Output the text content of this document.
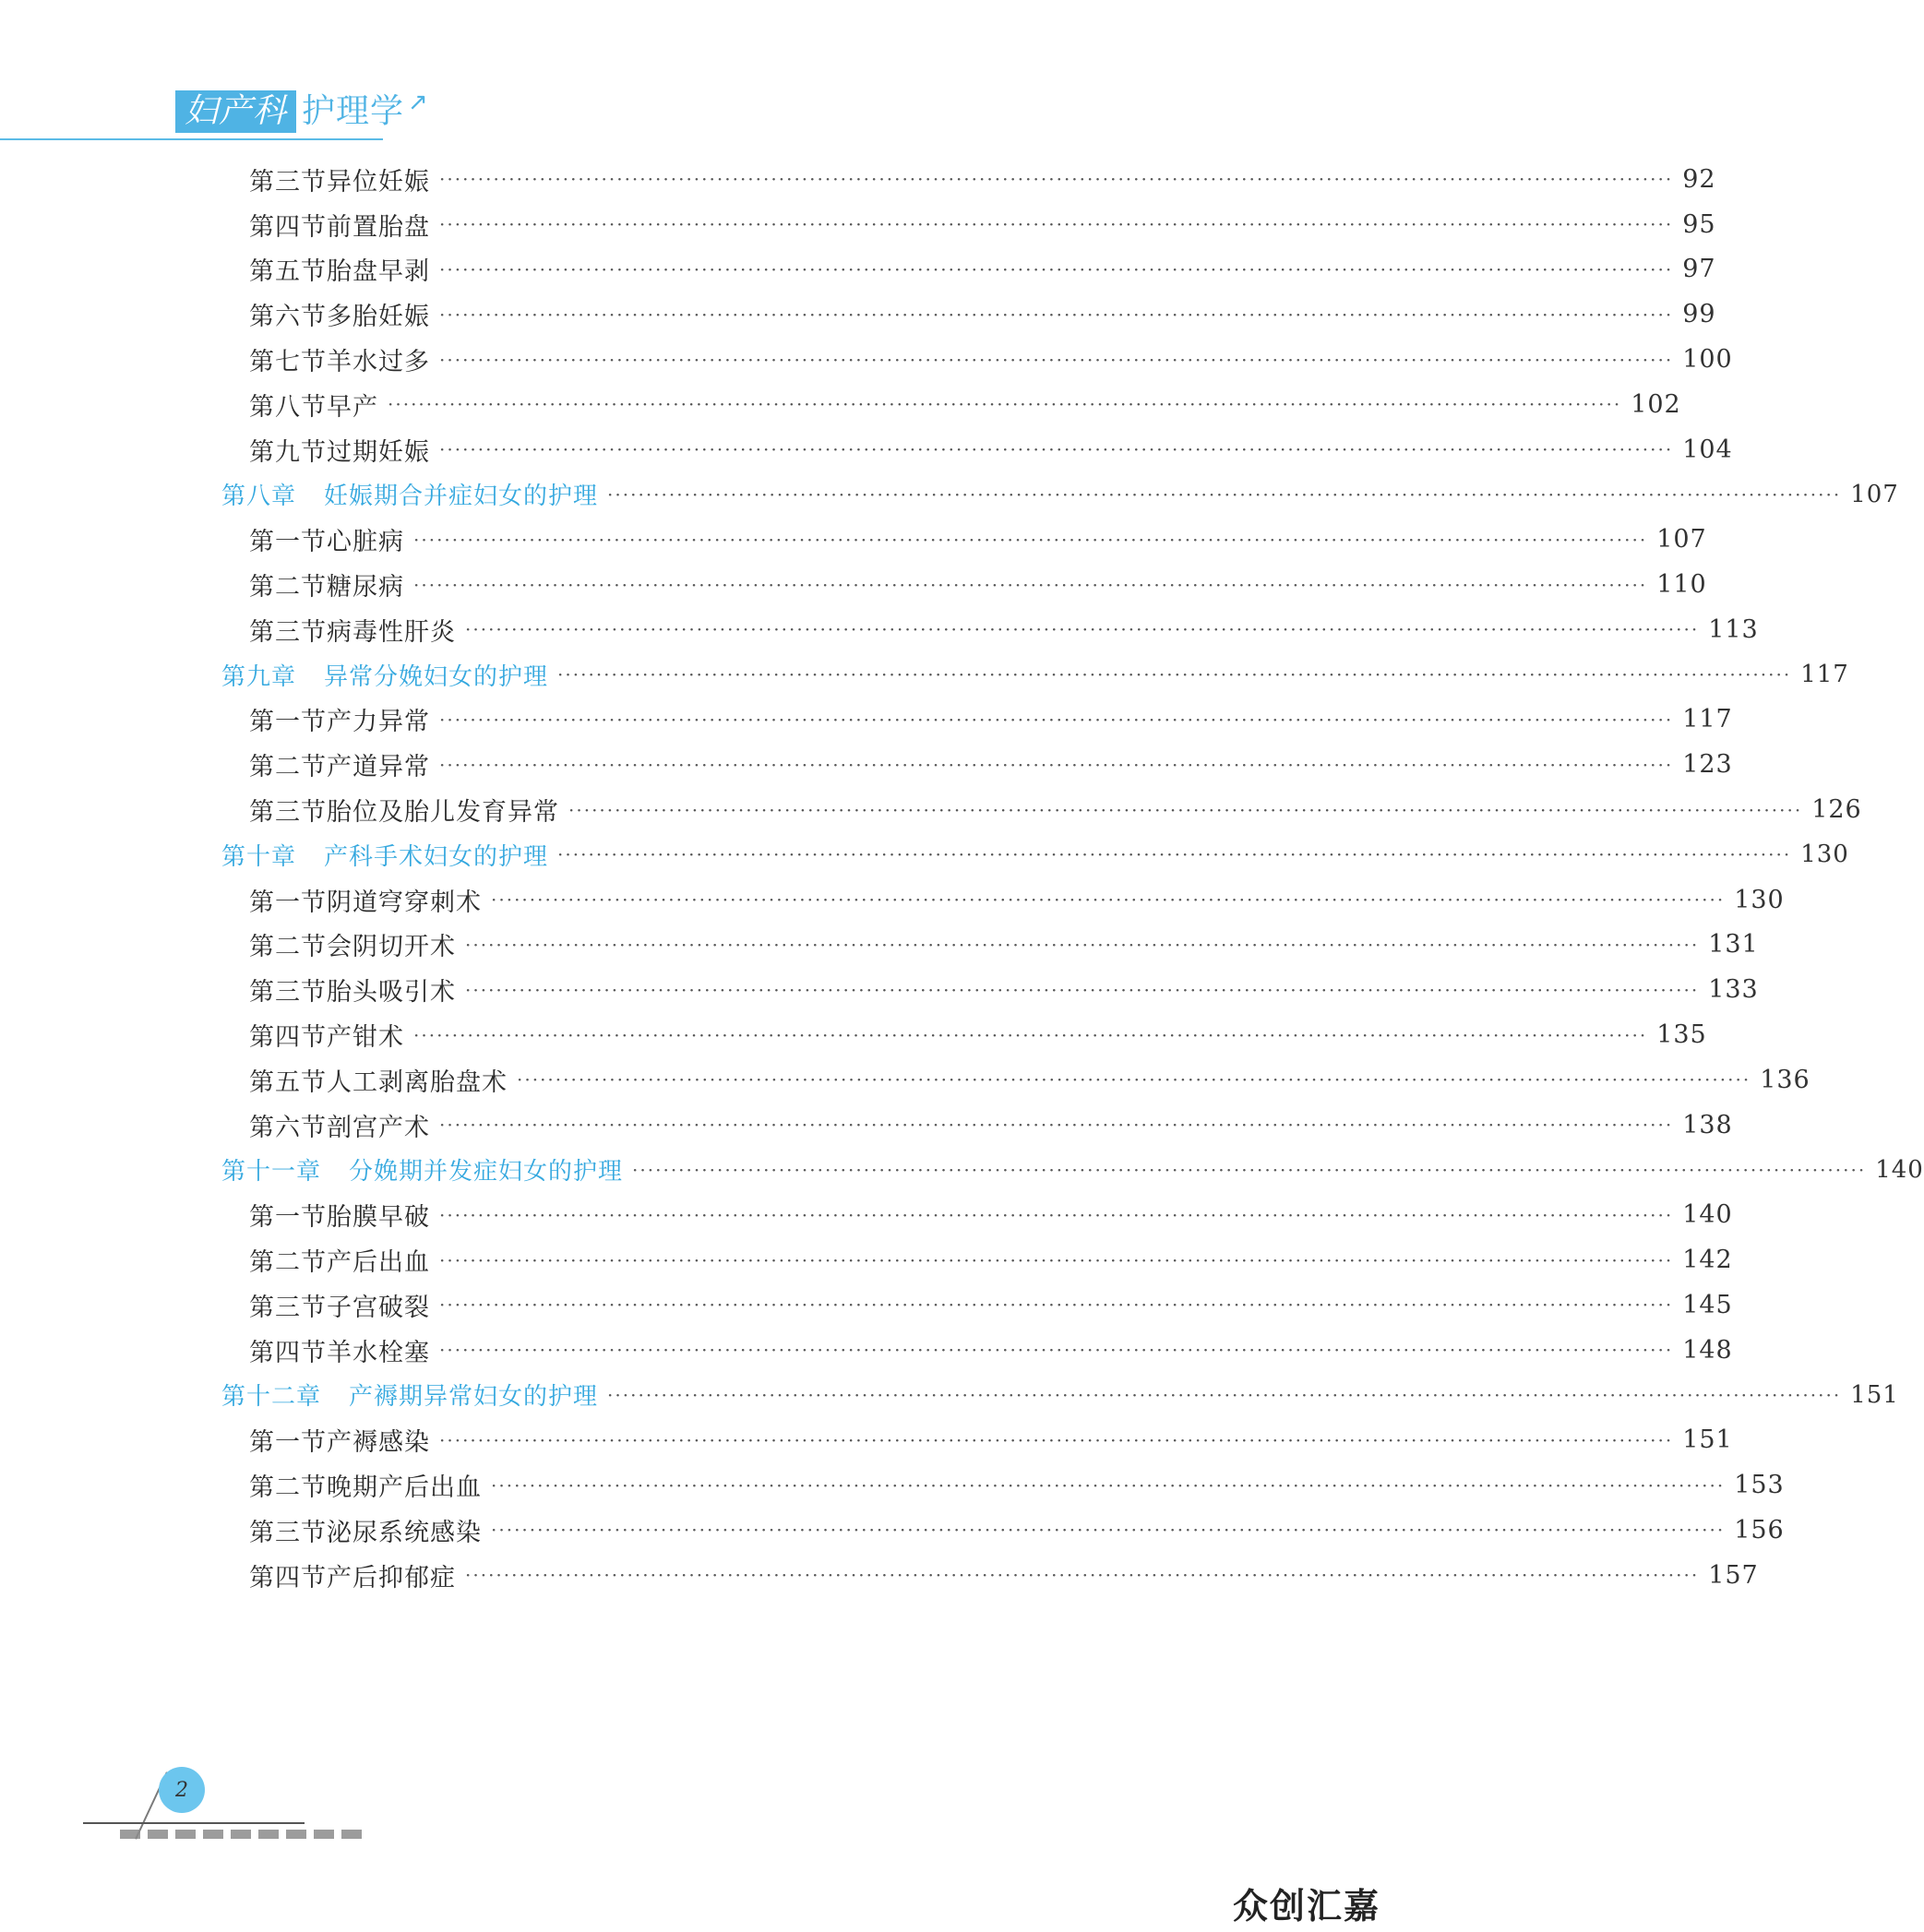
妇产科 护理学 ↗
第三节 异位妊娠 ································································································································································ 92
第四节 前置胎盘 ································································································································································ 95
第五节 胎盘早剥 ································································································································································ 97
第六节 多胎妊娠 ································································································································································ 99
第七节 羊水过多 ································································································································································ 100
第八节 早产 ································································································································································ 102
第九节 过期妊娠 ································································································································································ 104
第八章 妊娠期合并症妇女的护理 ································································································································································ 107
第一节 心脏病 ································································································································································ 107
第二节 糖尿病 ································································································································································ 110
第三节 病毒性肝炎 ································································································································································ 113
第九章 异常分娩妇女的护理 ································································································································································ 117
第一节 产力异常 ································································································································································ 117
第二节 产道异常 ································································································································································ 123
第三节 胎位及胎儿发育异常 ································································································································································ 126
第十章 产科手术妇女的护理 ································································································································································ 130
第一节 阴道穹穿刺术 ································································································································································ 130
第二节 会阴切开术 ································································································································································ 131
第三节 胎头吸引术 ································································································································································ 133
第四节 产钳术 ································································································································································ 135
第五节 人工剥离胎盘术 ································································································································································ 136
第六节 剖宫产术 ································································································································································ 138
第十一章 分娩期并发症妇女的护理 ································································································································································ 140
第一节 胎膜早破 ································································································································································ 140
第二节 产后出血 ································································································································································ 142
第三节 子宫破裂 ································································································································································ 145
第四节 羊水栓塞 ································································································································································ 148
第十二章 产褥期异常妇女的护理 ································································································································································ 151
第一节 产褥感染 ································································································································································ 151
第二节 晚期产后出血 ································································································································································ 153
第三节 泌尿系统感染 ································································································································································ 156
第四节 产后抑郁症 ································································································································································ 157
2
众创汇嘉
